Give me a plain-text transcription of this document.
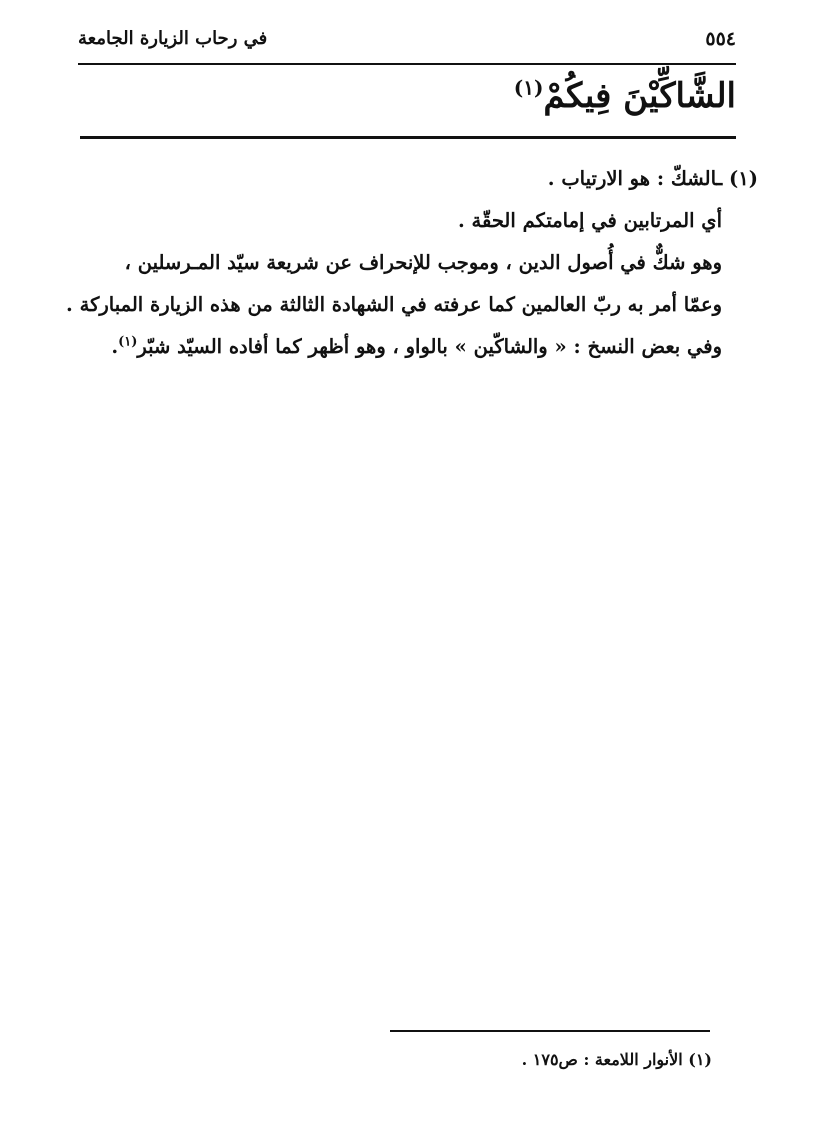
٥٥٤
في رحاب الزيارة الجامعة
الشَّاكِّيْنَ فِيكُمْ$^{(١)}$

(١) ـالشكّ : هو الارتياب .

أي المرتابين في إمامتكم الحقّة .

وهو شكٌّ في أُصول الدين ، وموجب للإنحراف عن شريعة سيّد المـرسلين ،

وعمّا أمر به ربّ العالمين كما عرفته في الشهادة الثالثة من هذه الزيارة المباركة .

وفي بعض النسخ : « والشاكّين » بالواو ، وهو أظهر كما أفاده السيّد شبّر$^{(١)}$.

(١) الأنوار اللامعة : ص١٧٥ .
